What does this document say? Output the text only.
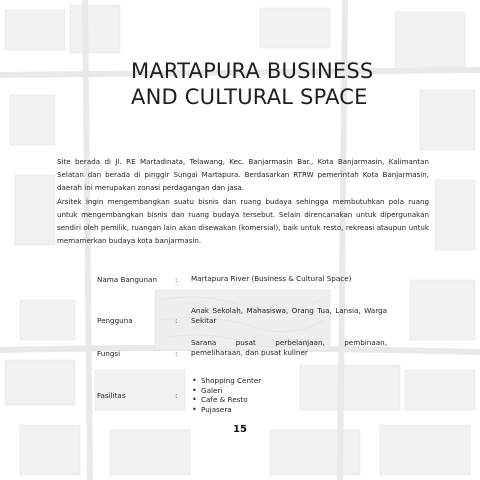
MARTAPURA BUSINESS
AND CULTURAL SPACE

Site berada di Jl. RE Martadinata, Telawang, Kec. Banjarmasin Bar., Kota Banjarmasin, Kalimantan Selatan dan berada di pinggir Sungai Martapura. Berdasarkan RTRW pemerintah Kota Banjarmasin, daerah ini merupakan zonasi perdagangan dan jasa.

Arsitek ingin mengembangkan suatu bisnis dan ruang budaya sehingga membutuhkan pola ruang untuk mengembangkan bisnis dan ruang budaya tersebut. Selain direncanakan untuk dipergunakan sendiri oleh pemilik, ruangan lain akan disewakan (komersial), baik untuk resto, rekreasi ataupun untuk memamerkan budaya kota banjarmasin.

Nama Bangunan	:	Martapura River (Business & Cultural Space)
Pengguna	:
Anak Sekolah, Mahasiswa, Orang Tua, Lansia, Warga Sekitar
Fungsi	:
Sarana pusat perbelanjaan, pembinaan, pemeliharaan, dan pusat kuliner
Fasilitas	:
• Shopping Center
• Galeri
• Cafe & Resto
• Pujasera
15
